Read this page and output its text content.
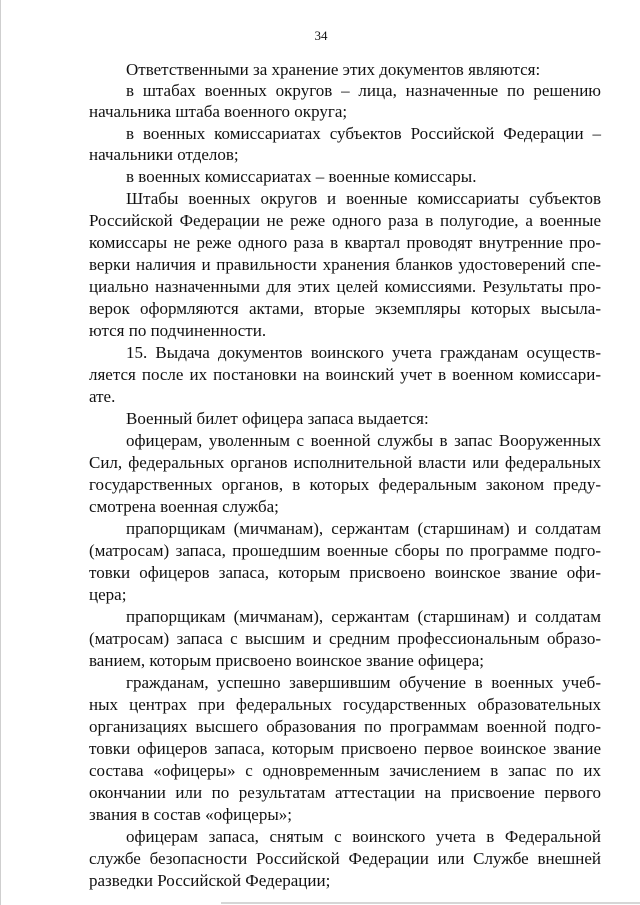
34
Ответственными за хранение этих документов являются:
в штабах военных округов – лица, назначенные по решению
начальника штаба военного округа;
в военных комиссариатах субъектов Российской Федерации –
начальники отделов;
в военных комиссариатах – военные комиссары.
Штабы военных округов и военные комиссариаты субъектов
Российской Федерации не реже одного раза в полугодие, а военные
комиссары не реже одного раза в квартал проводят внутренние про-
верки наличия и правильности хранения бланков удостоверений спе-
циально назначенными для этих целей комиссиями. Результаты про-
верок оформляются актами, вторые экземпляры которых высыла-
ются по подчиненности.
15. Выдача документов воинского учета гражданам осуществ-
ляется после их постановки на воинский учет в военном комиссари-
ате.
Военный билет офицера запаса выдается:
офицерам, уволенным с военной службы в запас Вооруженных
Сил, федеральных органов исполнительной власти или федеральных
государственных органов, в которых федеральным законом преду-
смотрена военная служба;
прапорщикам (мичманам), сержантам (старшинам) и солдатам
(матросам) запаса, прошедшим военные сборы по программе подго-
товки офицеров запаса, которым присвоено воинское звание офи-
цера;
прапорщикам (мичманам), сержантам (старшинам) и солдатам
(матросам) запаса с высшим и средним профессиональным образо-
ванием, которым присвоено воинское звание офицера;
гражданам, успешно завершившим обучение в военных учеб-
ных центрах при федеральных государственных образовательных
организациях высшего образования по программам военной подго-
товки офицеров запаса, которым присвоено первое воинское звание
состава «офицеры» с одновременным зачислением в запас по их
окончании или по результатам аттестации на присвоение первого
звания в состав «офицеры»;
офицерам запаса, снятым с воинского учета в Федеральной
службе безопасности Российской Федерации или Службе внешней
разведки Российской Федерации;
